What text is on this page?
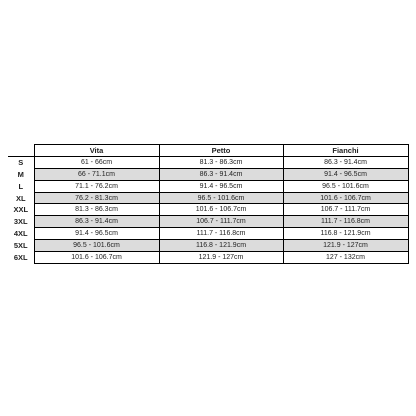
	Vita	Petto	Fianchi
S	61 - 66cm	81.3 - 86.3cm	86.3 - 91.4cm
M	66 - 71.1cm	86.3 - 91.4cm	91.4 - 96.5cm
L	71.1 - 76.2cm	91.4 - 96.5cm	96.5 - 101.6cm
XL	76.2 - 81.3cm	96.5 - 101.6cm	101.6 - 106.7cm
XXL	81.3 - 86.3cm	101.6 - 106.7cm	106.7 - 111.7cm
3XL	86.3 - 91.4cm	106.7 - 111.7cm	111.7 - 116.8cm
4XL	91.4 - 96.5cm	111.7 - 116.8cm	116.8 - 121.9cm
5XL	96.5 - 101.6cm	116.8 - 121.9cm	121.9 - 127cm
6XL	101.6 - 106.7cm	121.9 - 127cm	127 - 132cm
